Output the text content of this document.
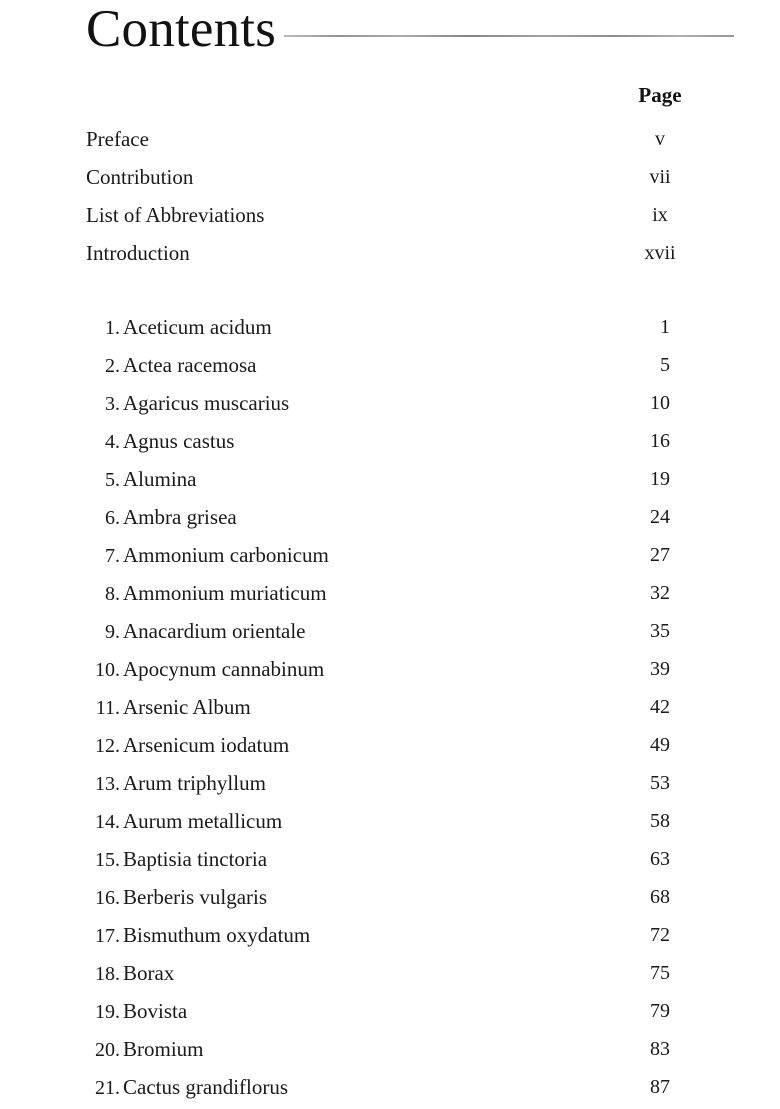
Contents
Page
Preface	v
Contribution	vii
List of Abbreviations	ix
Introduction	xvii
1. Aceticum acidum	1
2. Actea racemosa	5
3. Agaricus muscarius	10
4. Agnus castus	16
5. Alumina	19
6. Ambra grisea	24
7. Ammonium carbonicum	27
8. Ammonium muriaticum	32
9. Anacardium orientale	35
10. Apocynum cannabinum	39
11. Arsenic Album	42
12. Arsenicum iodatum	49
13. Arum triphyllum	53
14. Aurum metallicum	58
15. Baptisia tinctoria	63
16. Berberis vulgaris	68
17. Bismuthum oxydatum	72
18. Borax	75
19. Bovista	79
20. Bromium	83
21. Cactus grandiflorus	87
